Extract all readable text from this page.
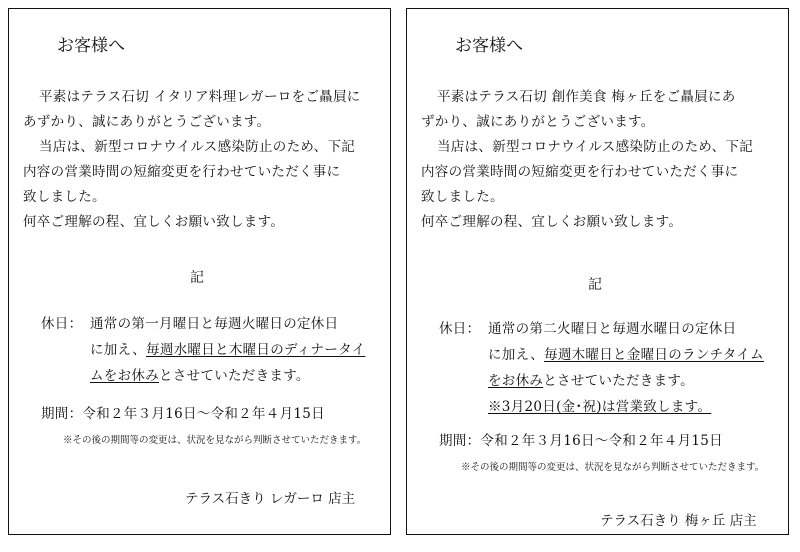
お客様へ
平素はテラス石切 イタリア料理レガーロをご贔屓に
あずかり、誠にありがとうございます。
当店は、新型コロナウイルス感染防止のため、下記
内容の営業時間の短縮変更を行わせていただく事に
致しました。
何卒ご理解の程、宜しくお願い致します。
記
休日： 通常の第一月曜日と毎週火曜日の定休日
に加え、毎週水曜日と木曜日のディナータイ
ムをお休みとさせていただきます。
期間：令和２年３月16日～令和２年４月15日
※その後の期間等の変更は、状況を見ながら判断させていただきます。
テラス石きり レガーロ 店主
お客様へ
平素はテラス石切 創作美食 梅ヶ丘をご贔屓にあ
ずかり、誠にありがとうございます。
当店は、新型コロナウイルス感染防止のため、下記
内容の営業時間の短縮変更を行わせていただく事に
致しました。
何卒ご理解の程、宜しくお願い致します。
記
休日： 通常の第二火曜日と毎週水曜日の定休日
に加え、毎週木曜日と金曜日のランチタイム
をお休みとさせていただきます。
※3月20日(金･祝)は営業致します。
期間：令和２年３月16日～令和２年４月15日
※その後の期間等の変更は、状況を見ながら判断させていただきます。
テラス石きり 梅ヶ丘 店主
